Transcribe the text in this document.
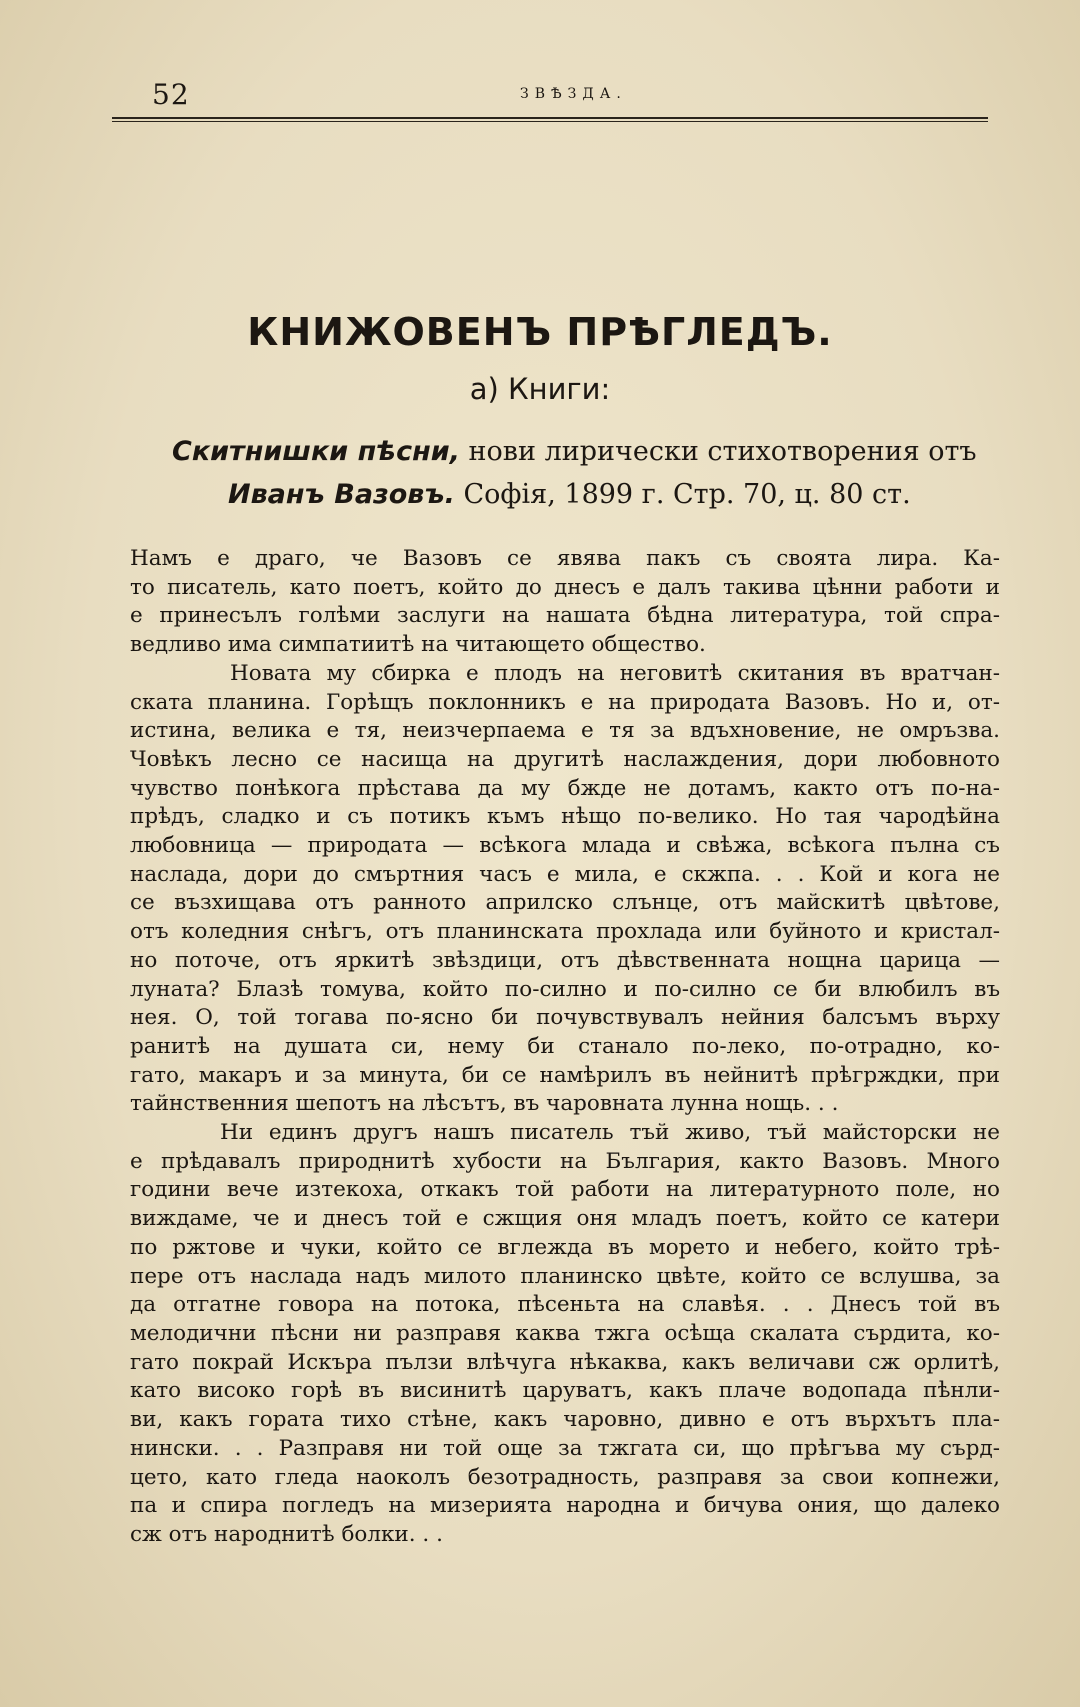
52	ЗВѢЗДА.
КНИЖОВЕНЪ ПРѢГЛЕДЪ.
а) Книги:
Скитнишки пѣсни, нови лирически стихотворения отъ
Иванъ Вазовъ. Софія, 1899 г. Стр. 70, ц. 80 ст.
Намъ е драго, че Вазовъ се явява пакъ съ своята лира. Ка-
то писатель, като поетъ, който до днесъ е далъ такива цѣнни работи и
е принесълъ голѣми заслуги на нашата бѣдна литература, той спра-
ведливо има симпатиитѣ на читающето общество.
Новата му сбирка е плодъ на неговитѣ скитания въ вратчан-
ската планина. Горѣщъ поклонникъ е на природата Вазовъ. Но и, от-
истина, велика е тя, неизчерпаема е тя за вдъхновение, не омръзва.
Човѣкъ лесно се насища на другитѣ наслаждения, дори любовното
чувство понѣкога прѣстава да му бжде не дотамъ, както отъ по-на-
прѣдъ, сладко и съ потикъ къмъ нѣщо по-велико. Но тая чародѣйна
любовница — природата — всѣкога млада и свѣжа, всѣкога пълна съ
наслада, дори до смъртния часъ е мила, е скжпа. . . Кой и кога не
се възхищава отъ ранното априлско слънце, отъ майскитѣ цвѣтове,
отъ коледния снѣгъ, отъ планинската прохлада или буйното и кристал-
но поточе, отъ яркитѣ звѣздици, отъ дѣвственната нощна царица —
луната? Блазѣ томува, който по-силно и по-силно се би влюбилъ въ
нея. О, той тогава по-ясно би почувствувалъ нейния балсъмъ върху
ранитѣ на душата си, нему би станало по-леко, по-отрадно, ко-
гато, макаръ и за минута, би се намѣрилъ въ нейнитѣ прѣгрждки, при
тайнственния шепотъ на лѣсътъ, въ чаровната лунна нощь. . .
Ни единъ другъ нашъ писатель тъй живо, тъй майсторски не
е прѣдавалъ природнитѣ хубости на България, както Вазовъ. Много
години вече изтекоха, откакъ той работи на литературното поле, но
виждаме, че и днесъ той е сжщия оня младъ поетъ, който се катери
по ржтове и чуки, който се вглежда въ морето и небего, който трѣ-
пере отъ наслада надъ милото планинско цвѣте, който се вслушва, за
да отгатне говора на потока, пѣсеньта на славѣя. . . Днесъ той въ
мелодични пѣсни ни разправя каква тжга осѣща скалата сърдита, ко-
гато покрай Искъра пълзи влѣчуга нѣкаква, какъ величави сж орлитѣ,
като високо горѣ въ висинитѣ царуватъ, какъ плаче водопада пѣнли-
ви, какъ гората тихо стѣне, какъ чаровно, дивно е отъ върхътъ пла-
нински. . . Разправя ни той още за тжгата си, що прѣгъва му сърд-
цето, като гледа наоколъ безотрадность, разправя за свои копнежи,
па и спира погледъ на мизерията народна и бичува ония, що далеко
сж отъ народнитѣ болки. . .
